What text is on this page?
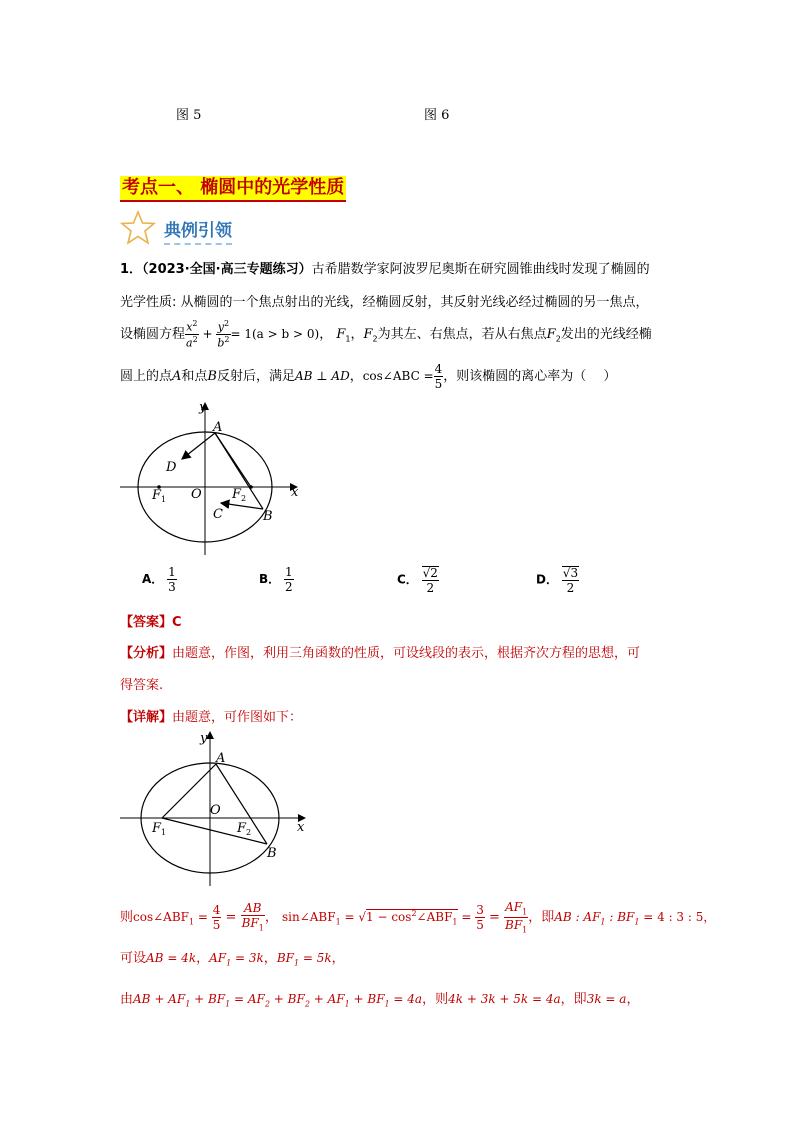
图 5	图 6
考点一、 椭圆中的光学性质
典例引领
1．（2023·全国·高三专题练习）古希腊数学家阿波罗尼奥斯在研究圆锥曲线时发现了椭圆的
光学性质: 从椭圆的一个焦点射出的光线，经椭圆反射，其反射光线必经过椭圆的另一焦点，
设椭圆方程 $\frac{x^2}{a^2} + \frac{y^2}{b^2} = 1(a > b > 0)$， $F_1$，$F_2$为其左、右焦点，若从右焦点$F_2$发出的光线经椭
圆上的点A和点B反射后，满足AB ⊥ AD，cos∠ABC = $\frac{4}{5}$ ，则该椭圆的离心率为（　 ）
y
x
A
D
O
F 1	F 2
C	B
A． $\frac{1}{3}$	B． $\frac{1}{2}$	C． $\frac{√2}{2}$	D． $\frac{√3}{2}$
【答案】C
【分析】由题意，作图，利用三角函数的性质，可设线段的表示，根据齐次方程的思想，可
得答案.
【详解】由题意，可作图如下：
y
x
A
O
F 1	F 2
B
则$\cos\angle ABF_1 = \frac{4}{5} = \frac{AB}{BF_1}$ ， $\sin\angle ABF_1 = √1$ − $\cos^2\angle ABF_1 = \frac{3}{5} = \frac{AF_1}{BF_1}$ ，即AB : $AF_1$ : $BF_1 = 4$ : 3 : 5，
可设AB = 4k，$AF_1 = 3k$，$BF_1 = 5k$，
由AB + $AF_1 + BF_1 = AF_2 + BF_2 + AF_1 + BF_1 = 4a$，则4k + 3k + 5k = 4a，即3k = a，
